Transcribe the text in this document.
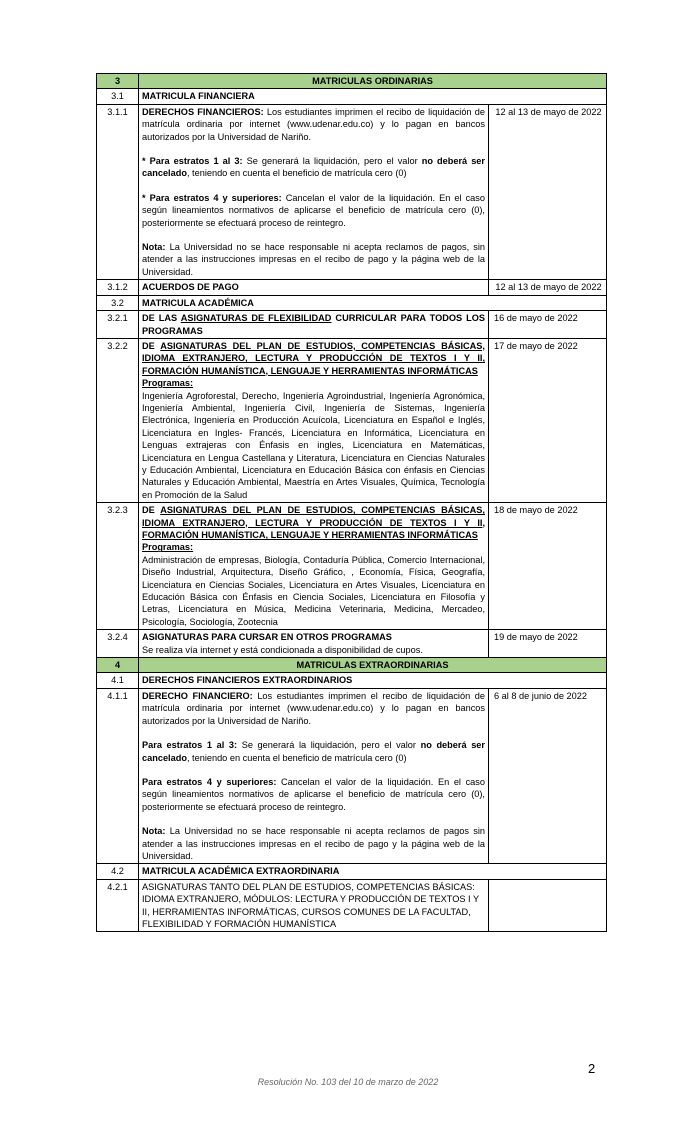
3	MATRICULAS ORDINARIAS	
3.1	MATRICULA FINANCIERA	
3.1.1	DERECHOS FINANCIEROS: Los estudiantes imprimen el recibo de liquidación de matrícula ordinaria por internet (www.udenar.edu.co) y lo pagan en bancos autorizados por la Universidad de Nariño.

* Para estratos 1 al 3: Se generará la liquidación, pero el valor no deberá ser cancelado, teniendo en cuenta el beneficio de matrícula cero (0)

* Para estratos 4 y superiores: Cancelan el valor de la liquidación. En el caso según lineamientos normativos de aplicarse el beneficio de matrícula cero (0), posteriormente se efectuará proceso de reintegro.

Nota: La Universidad no se hace responsable ni acepta reclamos de pagos, sin atender a las instrucciones impresas en el recibo de pago y la página web de la Universidad.	12 al 13 de mayo de 2022
3.1.2	ACUERDOS DE PAGO	12 al 13 de mayo de 2022
3.2	MATRICULA ACADÉMICA	
3.2.1	DE LAS ASIGNATURAS DE FLEXIBILIDAD CURRICULAR PARA TODOS LOS PROGRAMAS	16 de mayo de 2022
3.2.2	DE ASIGNATURAS DEL PLAN DE ESTUDIOS, COMPETENCIAS BÁSICAS, IDIOMA EXTRANJERO, LECTURA Y PRODUCCIÓN DE TEXTOS I Y II, FORMACIÓN HUMANÍSTICA, LENGUAJE Y HERRAMIENTAS INFORMÁTICAS
Programas:
Ingeniería Agroforestal, Derecho, Ingeniería Agroindustrial, Ingeniería Agronómica, Ingeniería Ambiental, Ingeniería Civil, Ingeniería de Sistemas, Ingeniería Electrónica, Ingeniería en Producción Acuícola, Licenciatura en Español e Inglés, Licenciatura en Ingles- Francés, Licenciatura en Informática, Licenciatura en Lenguas extrajeras con Énfasis en ingles, Licenciatura en Matemáticas, Licenciatura en Lengua Castellana y Literatura, Licenciatura en Ciencias Naturales y Educación Ambiental, Licenciatura en Educación Básica con énfasis en Ciencias Naturales y Educación Ambiental, Maestría en Artes Visuales, Química, Tecnología en Promoción de la Salud	17 de mayo de 2022
3.2.3	DE ASIGNATURAS DEL PLAN DE ESTUDIOS, COMPETENCIAS BÁSICAS, IDIOMA EXTRANJERO, LECTURA Y PRODUCCIÓN DE TEXTOS I Y II, FORMACIÓN HUMANÍSTICA, LENGUAJE Y HERRAMIENTAS INFORMÁTICAS
Programas:
Administración de empresas, Biología, Contaduría Pública, Comercio Internacional, Diseño Industrial, Arquitectura, Diseño Gráfico, , Economía, Física, Geografía, Licenciatura en Ciencias Sociales, Licenciatura en Artes Visuales, Licenciatura en Educación Básica con Énfasis en Ciencia Sociales, Licenciatura en Filosofía y Letras, Licenciatura en Música, Medicina Veterinaria, Medicina, Mercadeo, Psicología, Sociología, Zootecnia	18 de mayo de 2022
3.2.4	ASIGNATURAS PARA CURSAR EN OTROS PROGRAMAS
Se realiza vía internet y está condicionada a disponibilidad de cupos.	19 de mayo de 2022
4	MATRICULAS EXTRAORDINARIAS	
4.1	DERECHOS FINANCIEROS EXTRAORDINARIOS	
4.1.1	DERECHO FINANCIERO: Los estudiantes imprimen el recibo de liquidación de matrícula ordinaria por internet (www.udenar.edu.co) y lo pagan en bancos autorizados por la Universidad de Nariño.

Para estratos 1 al 3: Se generará la liquidación, pero el valor no deberá ser cancelado, teniendo en cuenta el beneficio de matrícula cero (0)

Para estratos 4 y superiores: Cancelan el valor de la liquidación. En el caso según lineamientos normativos de aplicarse el beneficio de matrícula cero (0), posteriormente se efectuará proceso de reintegro.

Nota: La Universidad no se hace responsable ni acepta reclamos de pagos sin atender a las instrucciones impresas en el recibo de pago y la página web de la Universidad.	6 al 8 de junio de 2022
4.2	MATRICULA ACADÉMICA EXTRAORDINARIA	
4.2.1	ASIGNATURAS TANTO DEL PLAN DE ESTUDIOS, COMPETENCIAS BÁSICAS: IDIOMA EXTRANJERO, MÓDULOS: LECTURA Y PRODUCCIÓN DE TEXTOS I Y II, HERRAMIENTAS INFORMÁTICAS, CURSOS COMUNES DE LA FACULTAD, FLEXIBILIDAD Y FORMACIÓN HUMANÍSTICA	
2
Resolución No. 103 del 10 de marzo de 2022
